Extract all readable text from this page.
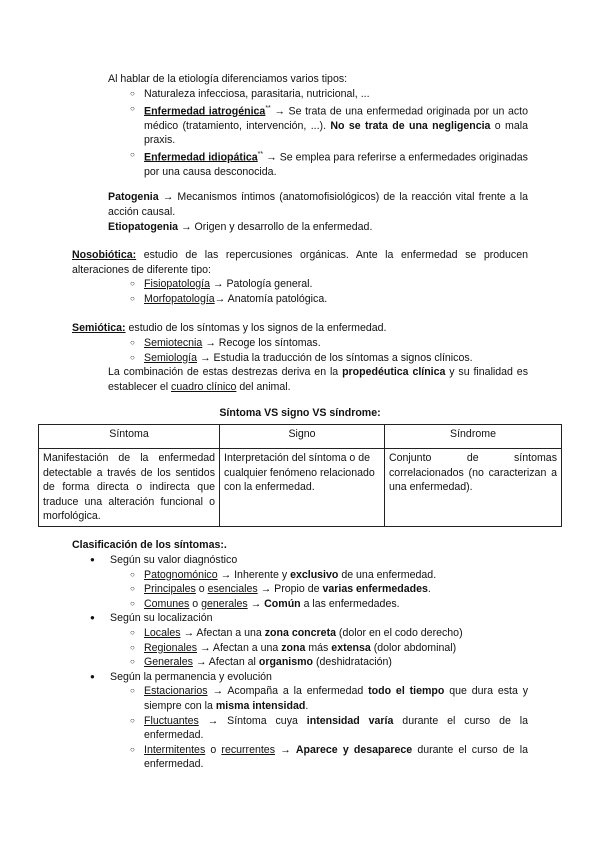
Al hablar de la etiología diferenciamos varios tipos:
○ Naturaleza infecciosa, parasitaria, nutricional, ...
○ Enfermedad iatrogénica** → Se trata de una enfermedad originada por un acto médico (tratamiento, intervención, ...). No se trata de una negligencia o mala praxis.
○ Enfermedad idiopática** → Se emplea para referirse a enfermedades originadas por una causa desconocida.
Patogenia → Mecanismos íntimos (anatomofisiológicos) de la reacción vital frente a la acción causal.
Etiopatogenia → Origen y desarrollo de la enfermedad.
Nosobiótica: estudio de las repercusiones orgánicas. Ante la enfermedad se producen alteraciones de diferente tipo:
○ Fisiopatología → Patología general.
○ Morfopatología→ Anatomía patológica.
Semiótica: estudio de los síntomas y los signos de la enfermedad.
○ Semiotecnia → Recoge los síntomas.
○ Semiología → Estudia la traducción de los síntomas a signos clínicos.
La combinación de estas destrezas deriva en la propedéutica clínica y su finalidad es establecer el cuadro clínico del animal.
Síntoma VS signo VS síndrome:
Síntoma	Signo	Síndrome
Manifestación de la enfermedad detectable a través de los sentidos de forma directa o indirecta que traduce una alteración funcional o morfológica.	Interpretación del síntoma o de cualquier fenómeno relacionado con la enfermedad.	Conjunto de síntomas correlacionados (no caracterizan a una enfermedad).
Clasificación de los síntomas:.
● Según su valor diagnóstico
○ Patognomónico → Inherente y exclusivo de una enfermedad.
○ Principales o esenciales → Propio de varias enfermedades.
○ Comunes o generales → Común a las enfermedades.
● Según su localización
○ Locales → Afectan a una zona concreta (dolor en el codo derecho)
○ Regionales → Afectan a una zona más extensa (dolor abdominal)
○ Generales → Afectan al organismo (deshidratación)
● Según la permanencia y evolución
○ Estacionarios → Acompaña a la enfermedad todo el tiempo que dura esta y siempre con la misma intensidad.
○ Fluctuantes → Síntoma cuya intensidad varía durante el curso de la enfermedad.
○ Intermitentes o recurrentes → Aparece y desaparece durante el curso de la enfermedad.
